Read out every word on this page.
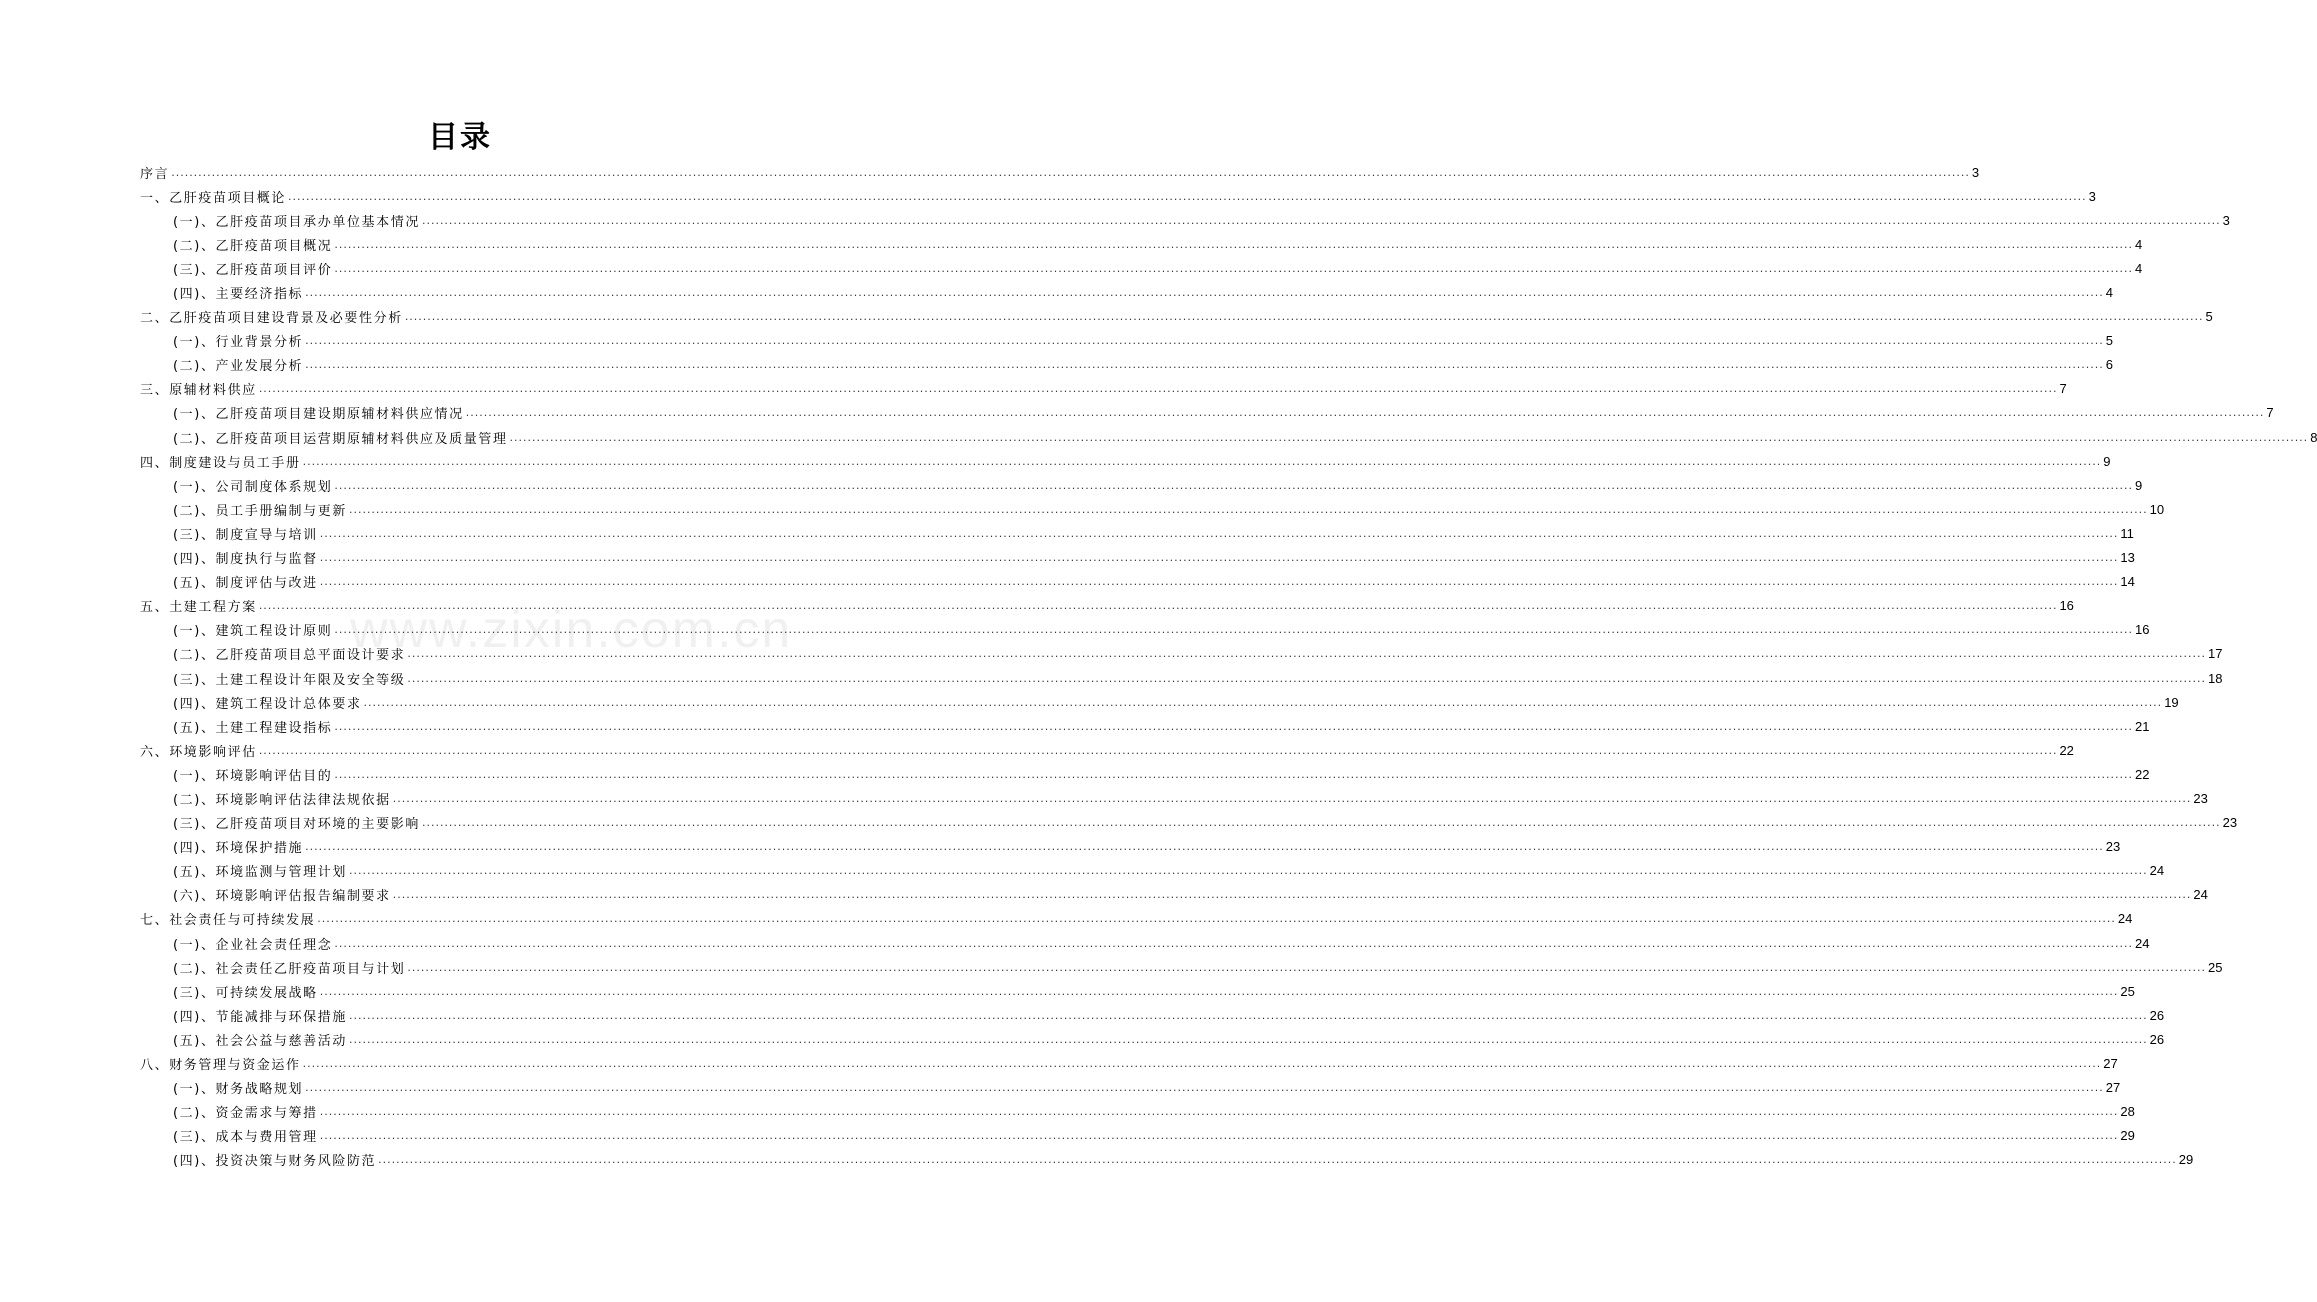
目录
www.zixin.com.cn
序言 ................................................................................................................................................................................................................................................................................................................................................................................................................ 3
一、乙肝疫苗项目概论 ................................................................................................................................................................................................................................................................................................................................................................................................................ 3
(一)、乙肝疫苗项目承办单位基本情况 ................................................................................................................................................................................................................................................................................................................................................................................................................ 3
(二)、乙肝疫苗项目概况 ................................................................................................................................................................................................................................................................................................................................................................................................................ 4
(三)、乙肝疫苗项目评价 ................................................................................................................................................................................................................................................................................................................................................................................................................ 4
(四)、主要经济指标 ................................................................................................................................................................................................................................................................................................................................................................................................................ 4
二、乙肝疫苗项目建设背景及必要性分析 ................................................................................................................................................................................................................................................................................................................................................................................................................ 5
(一)、行业背景分析 ................................................................................................................................................................................................................................................................................................................................................................................................................ 5
(二)、产业发展分析 ................................................................................................................................................................................................................................................................................................................................................................................................................ 6
三、原辅材料供应 ................................................................................................................................................................................................................................................................................................................................................................................................................ 7
(一)、乙肝疫苗项目建设期原辅材料供应情况 ................................................................................................................................................................................................................................................................................................................................................................................................................ 7
(二)、乙肝疫苗项目运营期原辅材料供应及质量管理 ................................................................................................................................................................................................................................................................................................................................................................................................................ 8
四、制度建设与员工手册 ................................................................................................................................................................................................................................................................................................................................................................................................................ 9
(一)、公司制度体系规划 ................................................................................................................................................................................................................................................................................................................................................................................................................ 9
(二)、员工手册编制与更新 ................................................................................................................................................................................................................................................................................................................................................................................................................ 10
(三)、制度宣导与培训 ................................................................................................................................................................................................................................................................................................................................................................................................................ 11
(四)、制度执行与监督 ................................................................................................................................................................................................................................................................................................................................................................................................................ 13
(五)、制度评估与改进 ................................................................................................................................................................................................................................................................................................................................................................................................................ 14
五、土建工程方案 ................................................................................................................................................................................................................................................................................................................................................................................................................ 16
(一)、建筑工程设计原则 ................................................................................................................................................................................................................................................................................................................................................................................................................ 16
(二)、乙肝疫苗项目总平面设计要求 ................................................................................................................................................................................................................................................................................................................................................................................................................ 17
(三)、土建工程设计年限及安全等级 ................................................................................................................................................................................................................................................................................................................................................................................................................ 18
(四)、建筑工程设计总体要求 ................................................................................................................................................................................................................................................................................................................................................................................................................ 19
(五)、土建工程建设指标 ................................................................................................................................................................................................................................................................................................................................................................................................................ 21
六、环境影响评估 ................................................................................................................................................................................................................................................................................................................................................................................................................ 22
(一)、环境影响评估目的 ................................................................................................................................................................................................................................................................................................................................................................................................................ 22
(二)、环境影响评估法律法规依据 ................................................................................................................................................................................................................................................................................................................................................................................................................ 23
(三)、乙肝疫苗项目对环境的主要影响 ................................................................................................................................................................................................................................................................................................................................................................................................................ 23
(四)、环境保护措施 ................................................................................................................................................................................................................................................................................................................................................................................................................ 23
(五)、环境监测与管理计划 ................................................................................................................................................................................................................................................................................................................................................................................................................ 24
(六)、环境影响评估报告编制要求 ................................................................................................................................................................................................................................................................................................................................................................................................................ 24
七、社会责任与可持续发展 ................................................................................................................................................................................................................................................................................................................................................................................................................ 24
(一)、企业社会责任理念 ................................................................................................................................................................................................................................................................................................................................................................................................................ 24
(二)、社会责任乙肝疫苗项目与计划 ................................................................................................................................................................................................................................................................................................................................................................................................................ 25
(三)、可持续发展战略 ................................................................................................................................................................................................................................................................................................................................................................................................................ 25
(四)、节能减排与环保措施 ................................................................................................................................................................................................................................................................................................................................................................................................................ 26
(五)、社会公益与慈善活动 ................................................................................................................................................................................................................................................................................................................................................................................................................ 26
八、财务管理与资金运作 ................................................................................................................................................................................................................................................................................................................................................................................................................ 27
(一)、财务战略规划 ................................................................................................................................................................................................................................................................................................................................................................................................................ 27
(二)、资金需求与筹措 ................................................................................................................................................................................................................................................................................................................................................................................................................ 28
(三)、成本与费用管理 ................................................................................................................................................................................................................................................................................................................................................................................................................ 29
(四)、投资决策与财务风险防范 ................................................................................................................................................................................................................................................................................................................................................................................................................ 29
